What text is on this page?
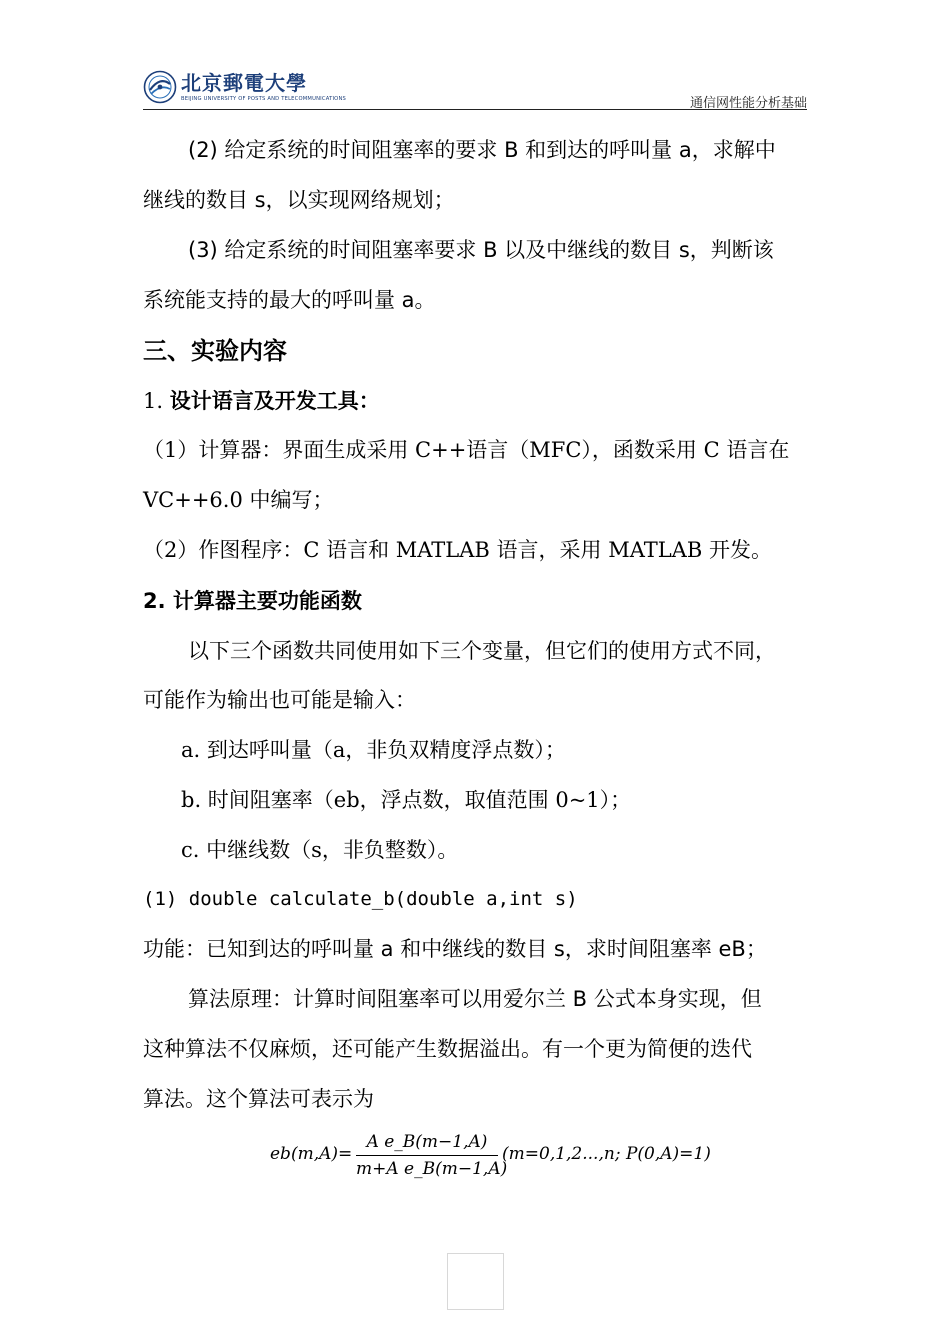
北京郵電大學
BEIJING UNIVERSITY OF POSTS AND TELECOMMUNICATIONS	通信网性能分析基础
(2) 给定系统的时间阻塞率的要求 B 和到达的呼叫量 a，求解中
继线的数目 s，以实现网络规划；
(3) 给定系统的时间阻塞率要求 B 以及中继线的数目 s，判断该
系统能支持的最大的呼叫量 a。
三、实验内容
1. 设计语言及开发工具：
（1）计算器：界面生成采用 C++语言（MFC），函数采用 C 语言在
VC++6.0 中编写；
（2）作图程序：C 语言和 MATLAB 语言，采用 MATLAB 开发。
2. 计算器主要功能函数
以下三个函数共同使用如下三个变量，但它们的使用方式不同，
可能作为输出也可能是输入：
a. 到达呼叫量（a，非负双精度浮点数）；
b. 时间阻塞率（eb，浮点数，取值范围 0~1）；
c. 中继线数（s，非负整数）。
(1) double calculate_b(double a,int s)
功能：已知到达的呼叫量 a 和中继线的数目 s，求时间阻塞率 eB；
算法原理：计算时间阻塞率可以用爱尔兰 B 公式本身实现，但
这种算法不仅麻烦，还可能产生数据溢出。有一个更为简便的迭代
算法。这个算法可表示为
eb(m,A)=
A e_B(m−1,A)
m+A e_B(m−1,A)
(m=0,1,2...,n; P(0,A)=1)
